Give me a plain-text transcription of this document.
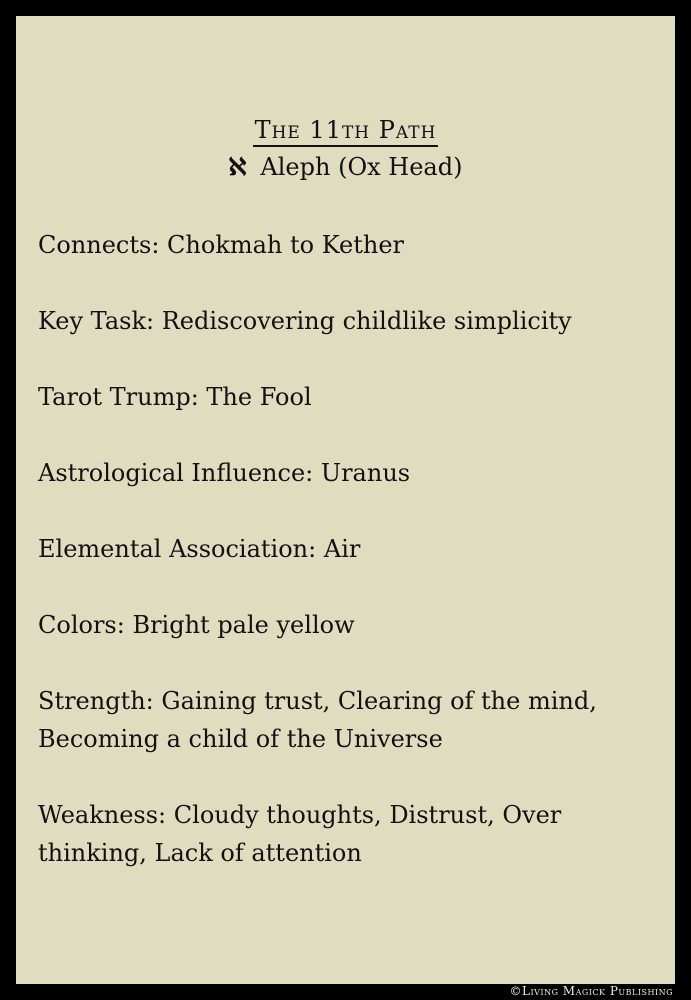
The 11th Path
ℵ Aleph (Ox Head)
Connects: Chokmah to Kether
Key Task: Rediscovering childlike simplicity
Tarot Trump: The Fool
Astrological Influence: Uranus
Elemental Association: Air
Colors: Bright pale yellow
Strength: Gaining trust, Clearing of the mind, Becoming a child of the Universe
Weakness: Cloudy thoughts, Distrust, Over thinking, Lack of attention
©Living Magick Publishing
